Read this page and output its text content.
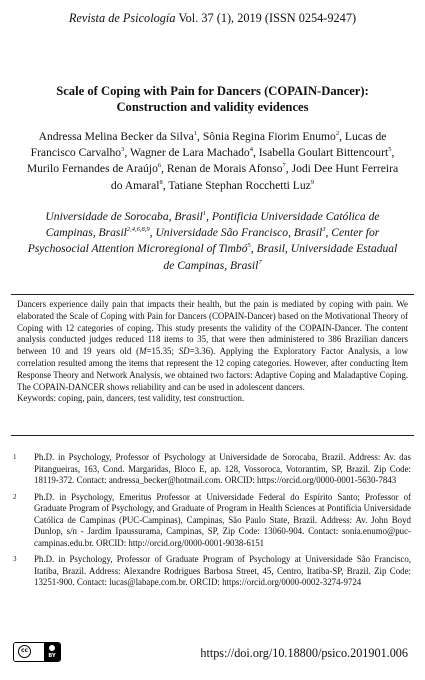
Revista de Psicología Vol. 37 (1), 2019 (ISSN 0254-9247)
Scale of Coping with Pain for Dancers (COPAIN-Dancer):
Construction and validity evidences
Andressa Melina Becker da Silva$^1$, Sônia Regina Fiorim Enumo$^2$, Lucas de Francisco Carvalho$^3$, Wagner de Lara Machado$^4$, Isabella Goulart Bittencourt$^5$, Murilo Fernandes de Araújo$^6$, Renan de Morais Afonso$^7$, Jodi Dee Hunt Ferreira do Amaral$^8$, Tatiane Stephan Rocchetti Luz$^9$
Universidade de Sorocaba, Brasil$^1$, Pontificia Universidade Católica de Campinas, Brasil$^{2,4,6,8,9}$, Universidade São Francisco, Brasil$^3$, Center for Psychosocial Attention Microregional of Timbó$^5$, Brasil, Universidade Estadual de Campinas, Brasil$^7$

Dancers experience daily pain that impacts their health, but the pain is mediated by coping with pain. We elaborated the Scale of Coping with Pain for Dancers (COPAIN-Dancer) based on the Motivational Theory of Coping with 12 categories of coping. This study presents the validity of the COPAIN-Dancer. The content analysis conducted judges reduced 118 items to 35, that were then administered to 386 Brazilian dancers between 10 and 19 years old (M=15.35; SD=3.36). Applying the Exploratory Factor Analysis, a low correlation resulted among the items that represent the 12 coping categories. However, after conducting Item Response Theory and Network Analysis, we obtained two factors: Adaptive Coping and Maladaptive Coping. The COPAIN-DANCER shows reliability and can be used in adolescent dancers.

Keywords: coping, pain, dancers, test validity, test construction.

1 Ph.D. in Psychology, Professor of Psychology at Universidade de Sorocaba, Brazil. Address: Av. das Pitangueiras, 163, Cond. Margaridas, Bloco E, ap. 128, Vossoroca, Votorantim, SP, Brazil. Zip Code: 18119-372. Contact: andressa_becker@hotmail.com. ORCID: https://orcid.org/0000-0001-5630-7843
2 Ph.D. in Psychology, Emeritus Professor at Universidade Federal do Espírito Santo; Professor of Graduate Program of Psychology, and Graduate of Program in Health Sciences at Pontifícia Universidade Católica de Campinas (PUC-Campinas), Campinas, São Paulo State, Brazil. Address: Av. John Boyd Dunlop, s/n - Jardim Ipaussurama, Campinas, SP, Zip Code: 13060-904. Contact: sonia.enumo@puc-campinas.edu.br. ORCID: http://orcid.org/0000-0001-9038-6151
3 Ph.D. in Psychology, Professor of Graduate Program of Psychology at Universidade São Francisco, Itatiba, Brazil. Address: Alexandre Rodrigues Barbosa Street, 45, Centro, Itatiba-SP, Brazil. Zip Code: 13251-900. Contact: lucas@labape.com.br. ORCID: https://orcid.org/0000-0002-3274-9724
cc
BY	https://doi.org/10.18800/psico.201901.006
